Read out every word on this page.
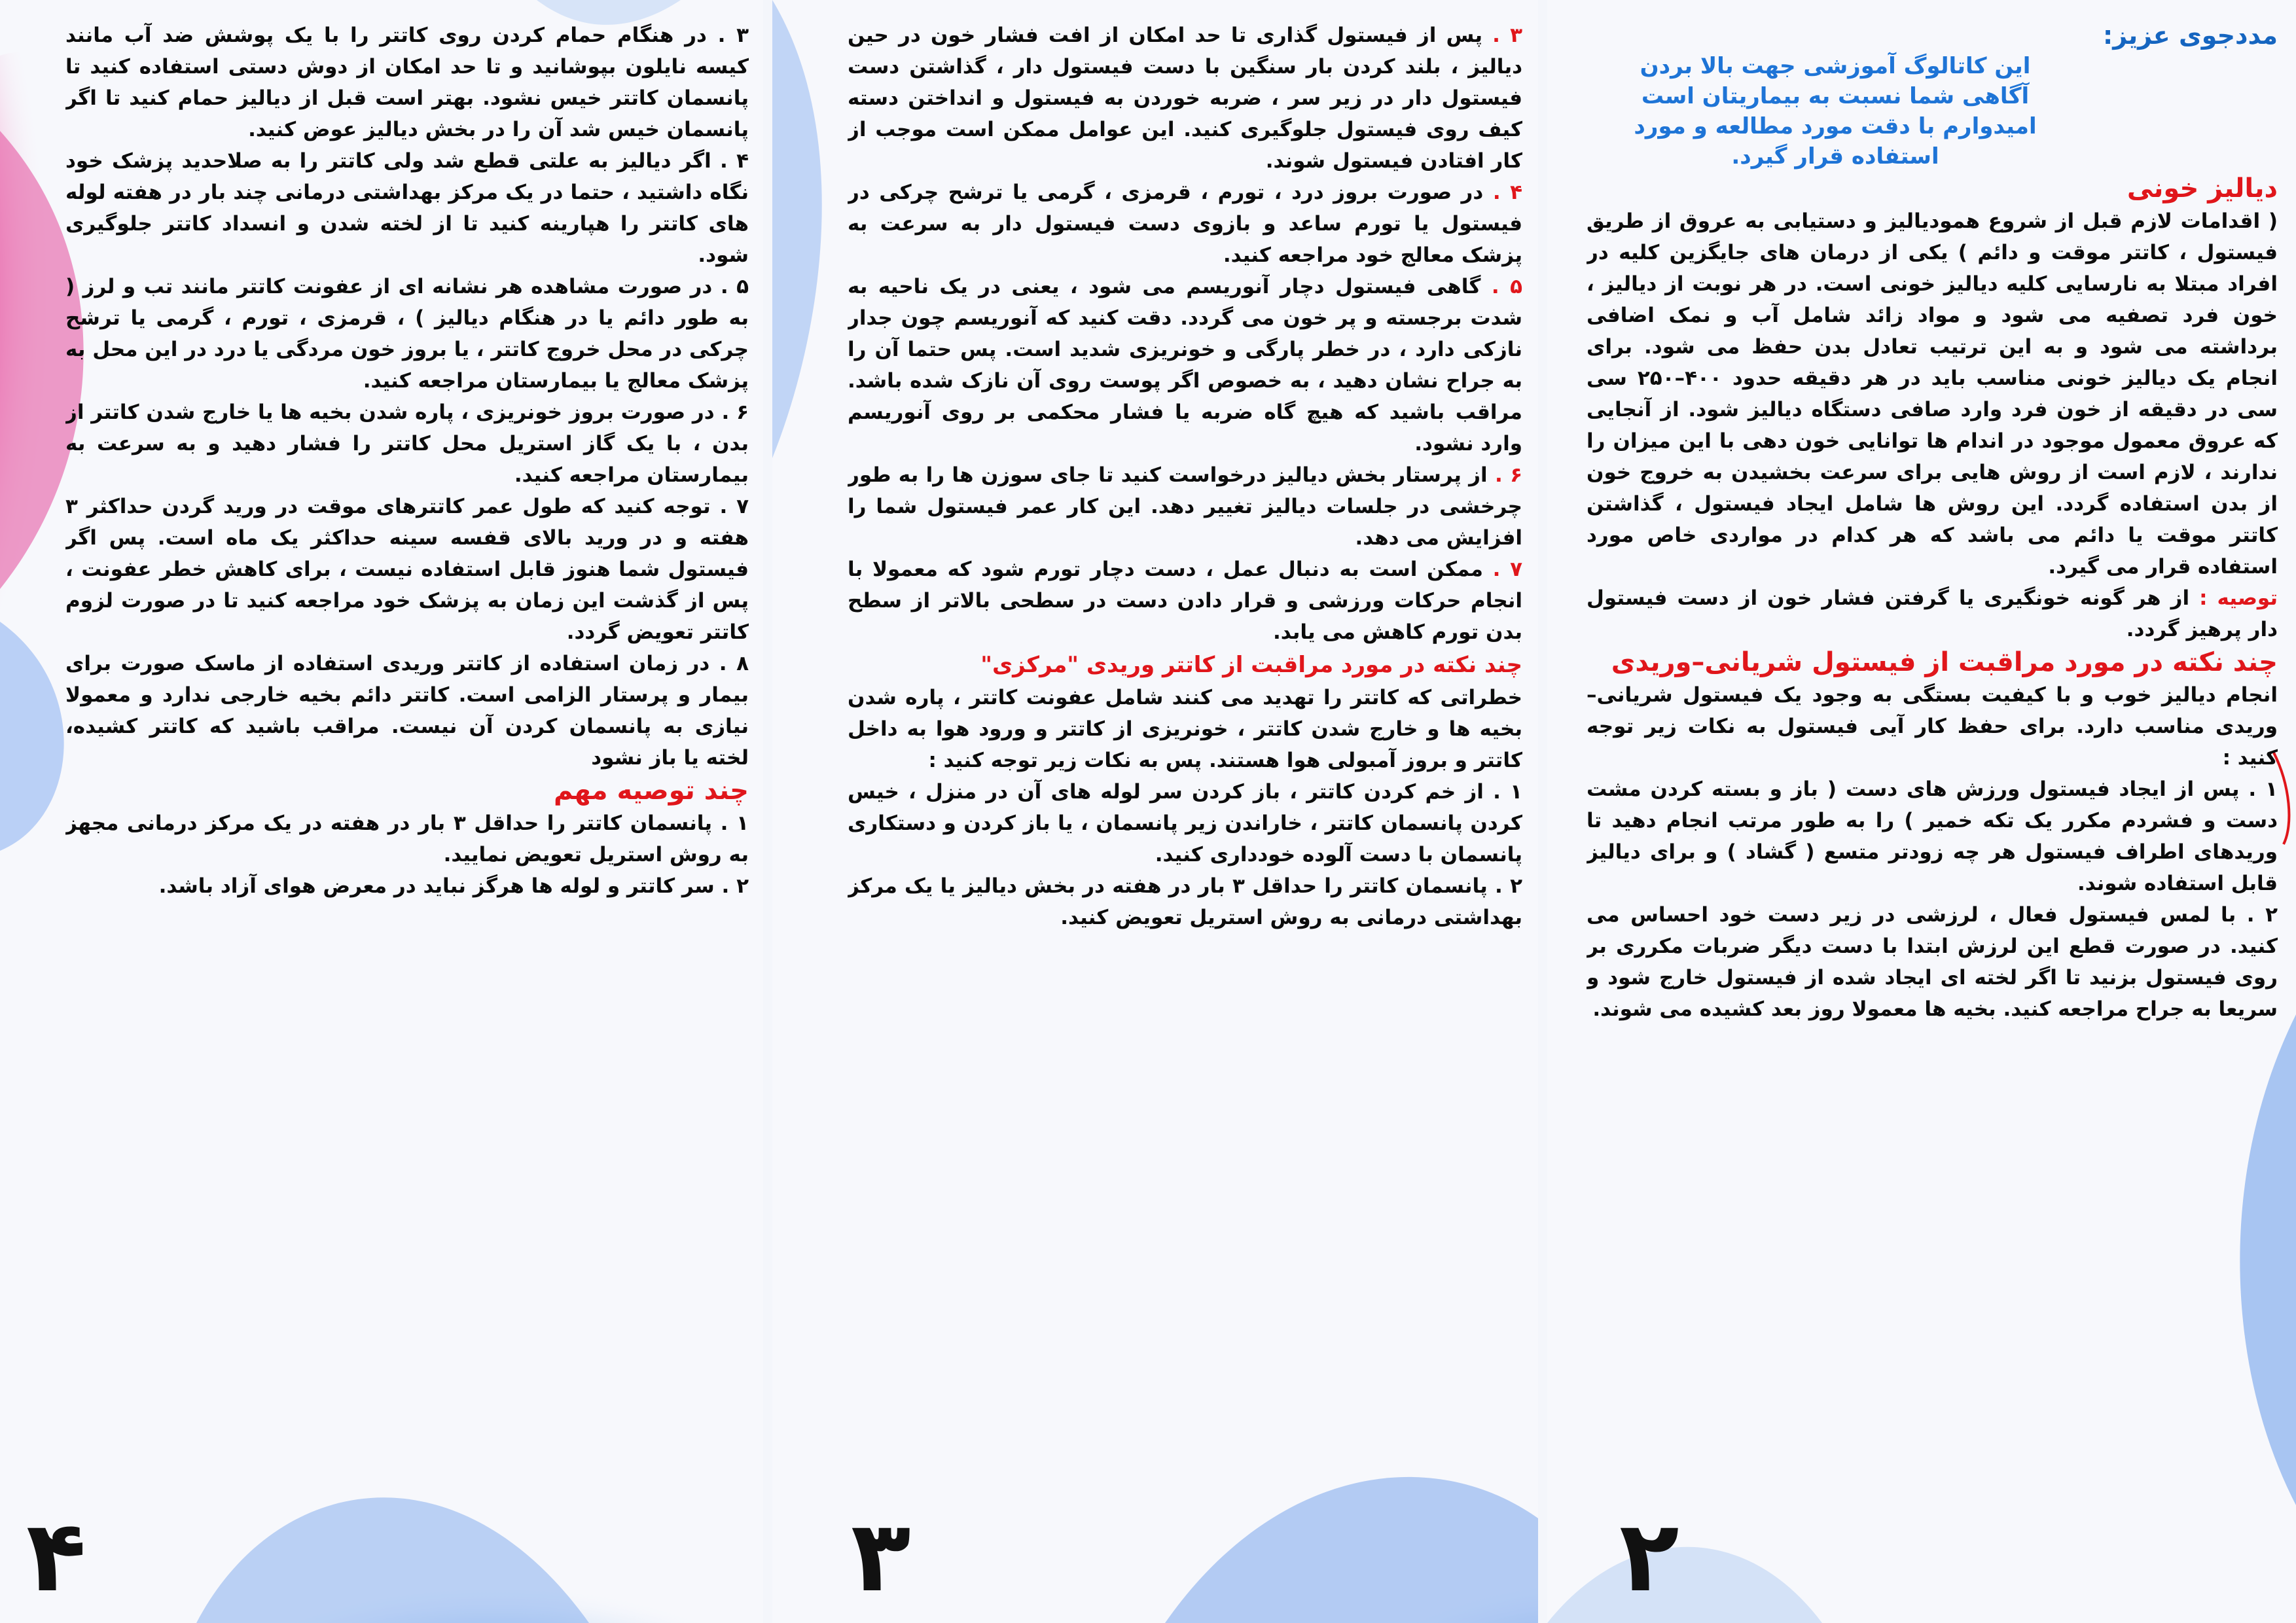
۳ . در هنگام حمام کردن روی کاتتر را با یک پوشش ضد آب مانند کیسه نایلون بپوشانید و تا حد امکان از دوش دستی استفاده کنید تا پانسمان کاتتر خیس نشود. بهتر است قبل از دیالیز حمام کنید تا اگر پانسمان خیس شد آن را در بخش دیالیز عوض کنید.

۴ . اگر دیالیز به علتی قطع شد ولی کاتتر را به صلاحدید پزشک خود نگاه داشتید ، حتما در یک مرکز بهداشتی درمانی چند بار در هفته لوله های کاتتر را هپارینه کنید تا از لخته شدن و انسداد کاتتر جلوگیری شود.

۵ . در صورت مشاهده هر نشانه ای از عفونت کاتتر مانند تب و لرز ( به طور دائم یا در هنگام دیالیز ) ، قرمزی ، تورم ، گرمی یا ترشح چرکی در محل خروج کاتتر ، یا بروز خون مردگی یا درد در این محل به پزشک معالج یا بیمارستان مراجعه کنید.

۶ . در صورت بروز خونریزی ، پاره شدن بخیه ها یا خارج شدن کاتتر از بدن ، با یک گاز استریل محل کاتتر را فشار دهید و به سرعت به بیمارستان مراجعه کنید.

۷ . توجه کنید که طول عمر کاتترهای موقت در ورید گردن حداکثر ۳ هفته و در ورید بالای قفسه سینه حداکثر یک ماه است. پس اگر فیستول شما هنوز قابل استفاده نیست ، برای کاهش خطر عفونت ، پس از گذشت این زمان به پزشک خود مراجعه کنید تا در صورت لزوم کاتتر تعویض گردد.

۸ . در زمان استفاده از کاتتر وریدی استفاده از ماسک صورت برای بیمار و پرستار الزامی است. کاتتر دائم بخیه خارجی ندارد و معمولا نیازی به پانسمان کردن آن نیست. مراقب باشید که کاتتر کشیده، لخته یا باز نشود

چند توصیه مهم

۱ . پانسمان کاتتر را حداقل ۳ بار در هفته در یک مرکز درمانی مجهز به روش استریل تعویض نمایید.

۲ . سر کاتتر و لوله ها هرگز نباید در معرض هوای آزاد باشد.

۴

۳ . پس از فیستول گذاری تا حد امکان از افت فشار خون در حین دیالیز ، بلند کردن بار سنگین با دست فیستول دار ، گذاشتن دست فیستول دار در زیر سر ، ضربه خوردن به فیستول و انداختن دسته کیف روی فیستول جلوگیری کنید. این عوامل ممکن است موجب از کار افتادن فیستول شوند.

۴ . در صورت بروز درد ، تورم ، قرمزی ، گرمی یا ترشح چرکی در فیستول یا تورم ساعد و بازوی دست فیستول دار به سرعت به پزشک معالج خود مراجعه کنید.

۵ . گاهی فیستول دچار آنوریسم می شود ، یعنی در یک ناحیه به شدت برجسته و پر خون می گردد. دقت کنید که آنوریسم چون جدار نازکی دارد ، در خطر پارگی و خونریزی شدید است. پس حتما آن را به جراح نشان دهید ، به خصوص اگر پوست روی آن نازک شده باشد. مراقب باشید که هیچ گاه ضربه یا فشار محکمی بر روی آنوریسم وارد نشود.

۶ . از پرستار بخش دیالیز درخواست کنید تا جای سوزن ها را به طور چرخشی در جلسات دیالیز تغییر دهد. این کار عمر فیستول شما را افزایش می دهد.

۷ . ممکن است به دنبال عمل ، دست دچار تورم شود که معمولا با انجام حرکات ورزشی و قرار دادن دست در سطحی بالاتر از سطح بدن تورم کاهش می یابد.

چند نکته در مورد مراقبت از کاتتر وریدی "مرکزی"

خطراتی که کاتتر را تهدید می کنند شامل عفونت کاتتر ، پاره شدن بخیه ها و خارج شدن کاتتر ، خونریزی از کاتتر و ورود هوا به داخل کاتتر و بروز آمبولی هوا هستند. پس به نکات زیر توجه کنید :

۱ . از خم کردن کاتتر ، باز کردن سر لوله های آن در منزل ، خیس کردن پانسمان کاتتر ، خاراندن زیر پانسمان ، یا باز کردن و دستکاری پانسمان با دست آلوده خودداری کنید.

۲ . پانسمان کاتتر را حداقل ۳ بار در هفته در بخش دیالیز یا یک مرکز بهداشتی درمانی به روش استریل تعویض کنید.

۳

مددجوی عزیز:

این کاتالوگ آموزشی جهت بالا بردن آگاهی شما نسبت به بیماریتان است امیدوارم با دقت مورد مطالعه و مورد استفاده قرار گیرد.

دیالیز خونی

( اقدامات لازم قبل از شروع همودیالیز و دستیابی به عروق از طریق فیستول ، کاتتر موقت و دائم ) یکی از درمان های جایگزین کلیه در افراد مبتلا به نارسایی کلیه دیالیز خونی است. در هر نوبت از دیالیز ، خون فرد تصفیه می شود و مواد زائد شامل آب و نمک اضافی برداشته می شود و به این ترتیب تعادل بدن حفظ می شود. برای انجام یک دیالیز خونی مناسب باید در هر دقیقه حدود ۴۰۰–۲۵۰ سی سی در دقیقه از خون فرد وارد صافی دستگاه دیالیز شود. از آنجایی که عروق معمول موجود در اندام ها توانایی خون دهی با این میزان را ندارند ، لازم است از روش هایی برای سرعت بخشیدن به خروج خون از بدن استفاده گردد. این روش ها شامل ایجاد فیستول ، گذاشتن کاتتر موقت یا دائم می باشد که هر کدام در مواردی خاص مورد استفاده قرار می گیرد.

توصیه : از هر گونه خونگیری یا گرفتن فشار خون از دست فیستول دار پرهیز گردد.

چند نکته در مورد مراقبت از فیستول شریانی–وریدی

انجام دیالیز خوب و با کیفیت بستگی به وجود یک فیستول شریانی–وریدی مناسب دارد. برای حفظ کار آیی فیستول به نکات زیر توجه کنید :

۱ . پس از ایجاد فیستول ورزش های دست ( باز و بسته کردن مشت دست و فشردم مکرر یک تکه خمیر ) را به طور مرتب انجام دهید تا وریدهای اطراف فیستول هر چه زودتر متسع ( گشاد ) و برای دیالیز قابل استفاده شوند.

۲ . با لمس فیستول فعال ، لرزشی در زیر دست خود احساس می کنید. در صورت قطع این لرزش ابتدا با دست دیگر ضربات مکرری بر روی فیستول بزنید تا اگر لخته ای ایجاد شده از فیستول خارج شود و سریعا به جراح مراجعه کنید. بخیه ها معمولا روز بعد کشیده می شوند.

۲
